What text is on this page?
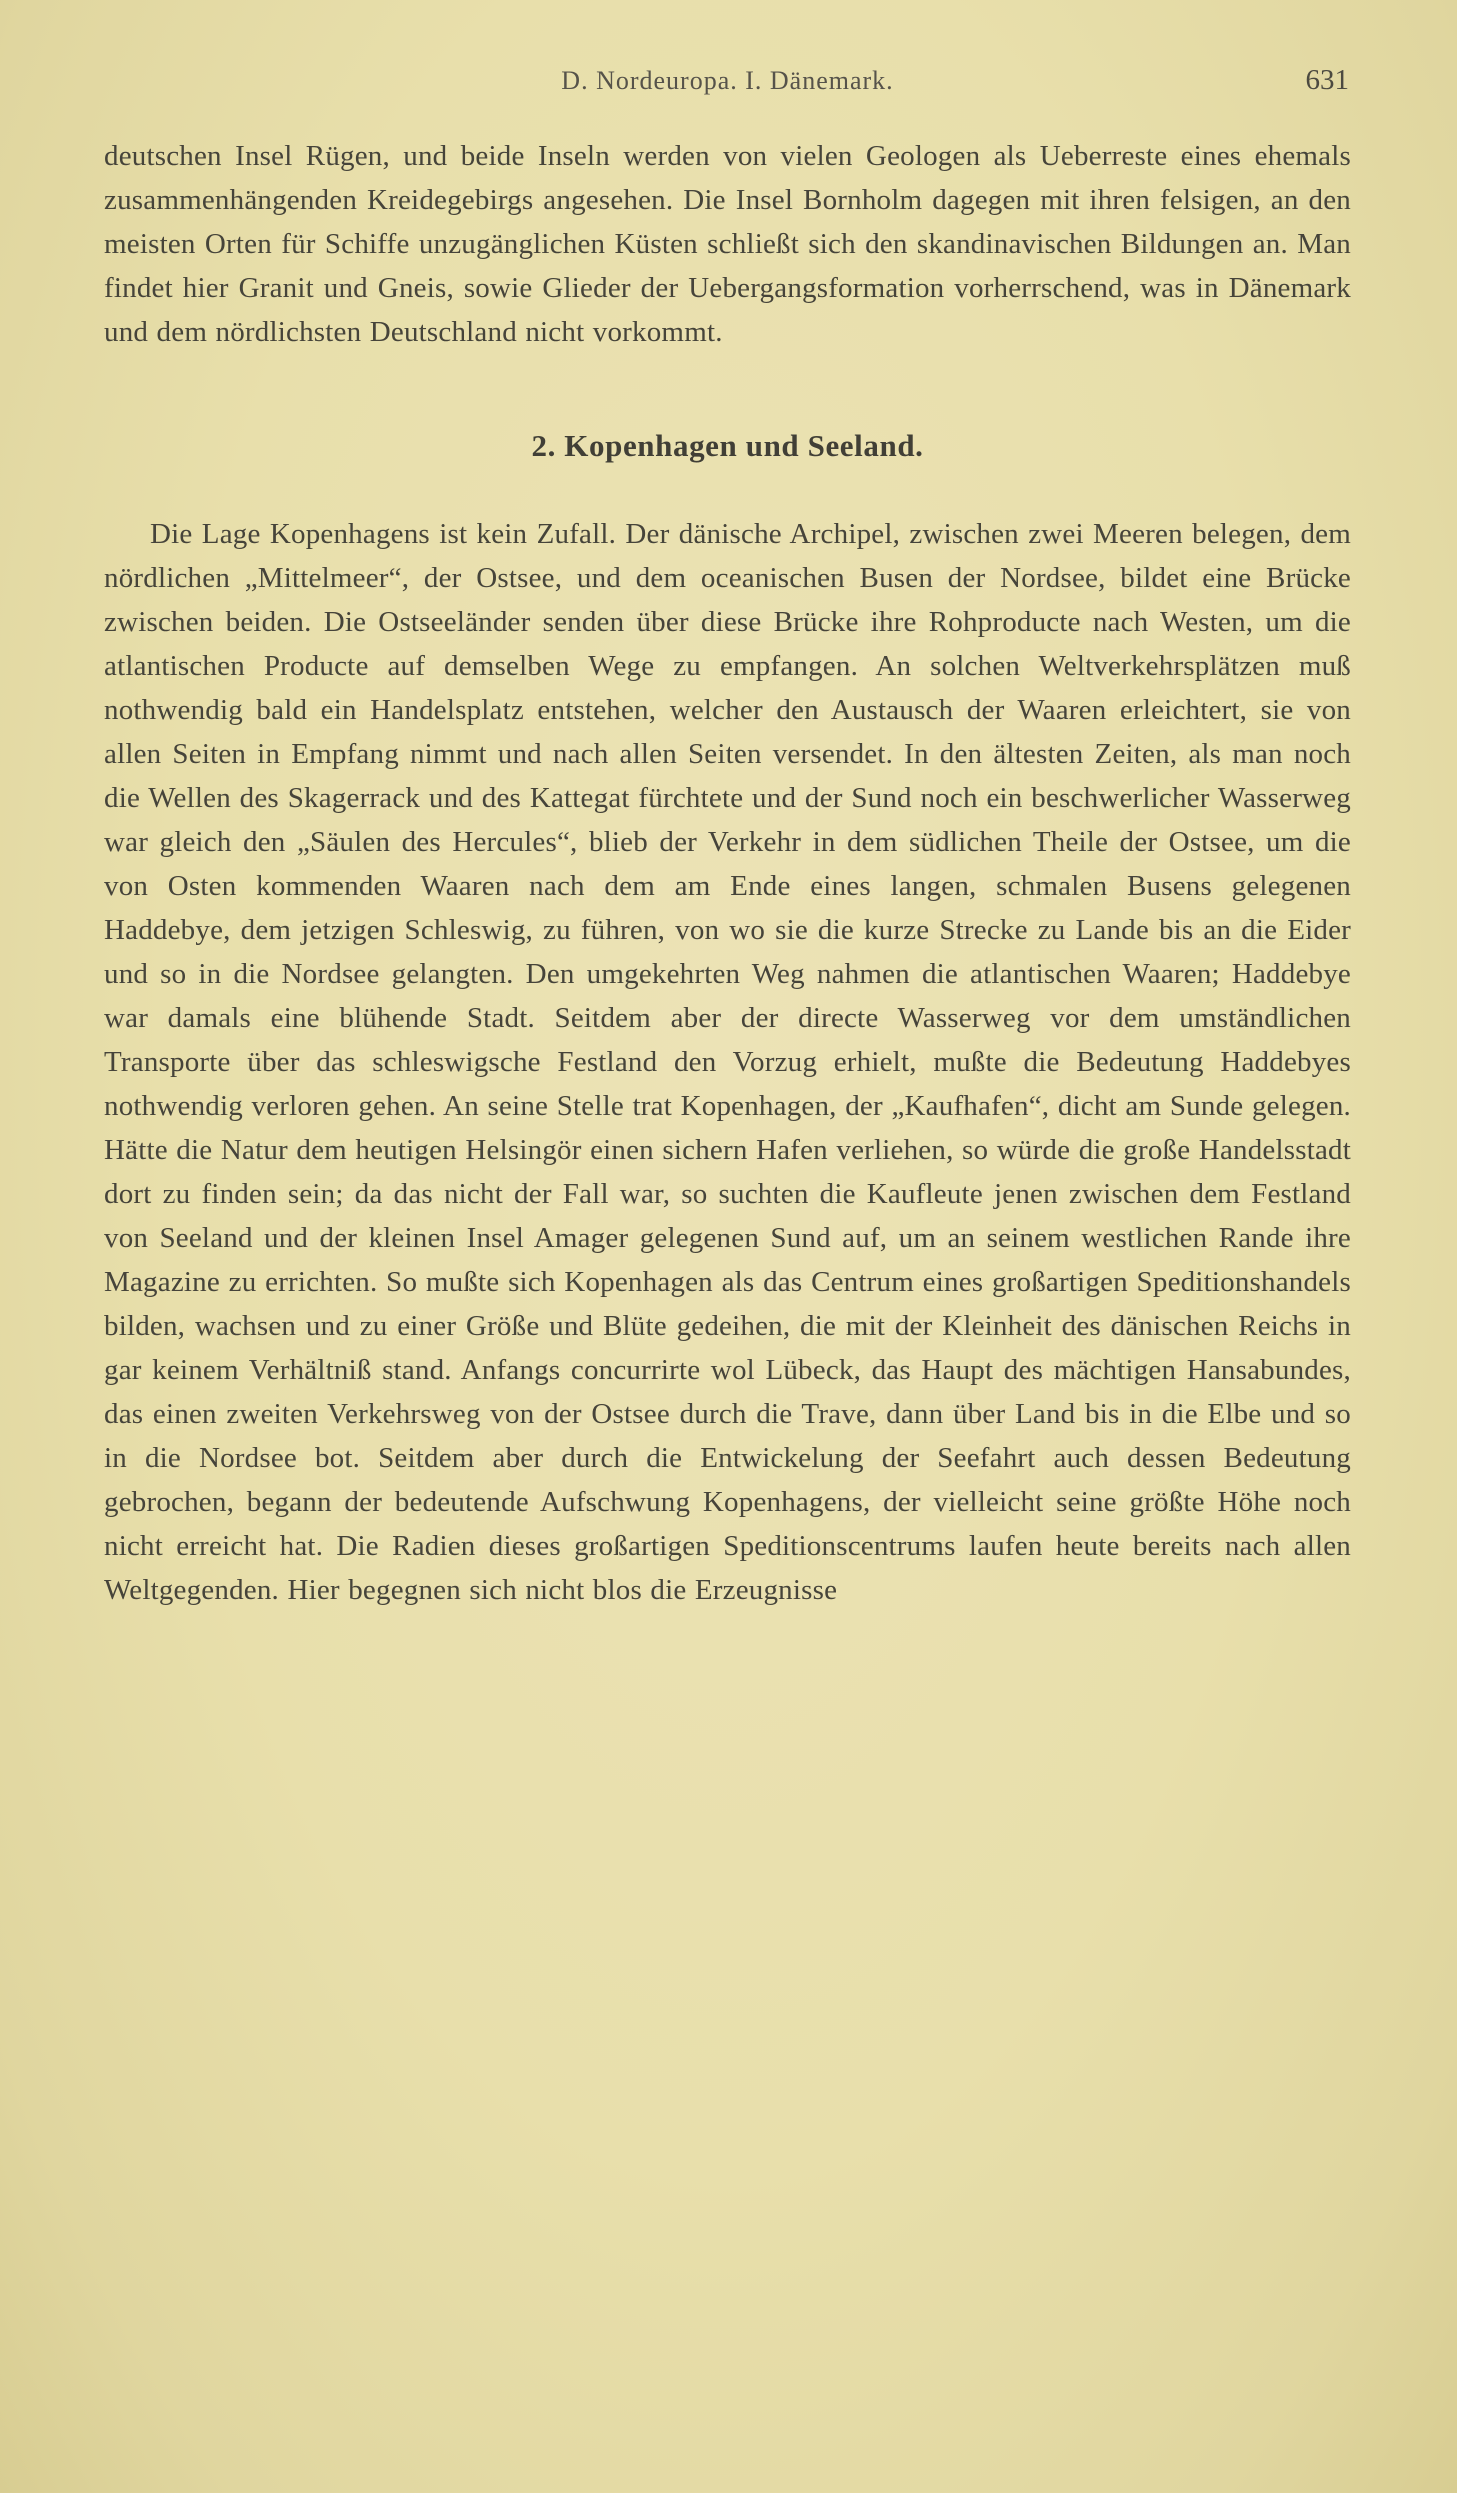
D. Nordeuropa. I. Dänemark.	631

deutschen Insel Rügen, und beide Inseln werden von vielen Geologen als Ueberreste eines ehemals zusammenhängenden Kreidegebirgs angesehen. Die Insel Bornholm dagegen mit ihren felsigen, an den meisten Orten für Schiffe unzugänglichen Küsten schließt sich den skandinavischen Bildungen an. Man findet hier Granit und Gneis, sowie Glieder der Uebergangsformation vorherrschend, was in Dänemark und dem nördlichsten Deutschland nicht vorkommt.

2. Kopenhagen und Seeland.

Die Lage Kopenhagens ist kein Zufall. Der dänische Archipel, zwischen zwei Meeren belegen, dem nördlichen „Mittelmeer“, der Ostsee, und dem oceanischen Busen der Nordsee, bildet eine Brücke zwischen beiden. Die Ostseeländer senden über diese Brücke ihre Rohproducte nach Westen, um die atlantischen Producte auf demselben Wege zu empfangen. An solchen Weltverkehrsplätzen muß nothwendig bald ein Handelsplatz entstehen, welcher den Austausch der Waaren erleichtert, sie von allen Seiten in Empfang nimmt und nach allen Seiten versendet. In den ältesten Zeiten, als man noch die Wellen des Skagerrack und des Kattegat fürchtete und der Sund noch ein beschwerlicher Wasserweg war gleich den „Säulen des Hercules“, blieb der Verkehr in dem südlichen Theile der Ostsee, um die von Osten kommenden Waaren nach dem am Ende eines langen, schmalen Busens gelegenen Haddebye, dem jetzigen Schleswig, zu führen, von wo sie die kurze Strecke zu Lande bis an die Eider und so in die Nordsee gelangten. Den umgekehrten Weg nahmen die atlantischen Waaren; Haddebye war damals eine blühende Stadt. Seitdem aber der directe Wasserweg vor dem umständlichen Transporte über das schleswigsche Festland den Vorzug erhielt, mußte die Bedeutung Haddebyes nothwendig verloren gehen. An seine Stelle trat Kopenhagen, der „Kaufhafen“, dicht am Sunde gelegen. Hätte die Natur dem heutigen Helsingör einen sichern Hafen verliehen, so würde die große Handelsstadt dort zu finden sein; da das nicht der Fall war, so suchten die Kaufleute jenen zwischen dem Festland von Seeland und der kleinen Insel Amager gelegenen Sund auf, um an seinem westlichen Rande ihre Magazine zu errichten. So mußte sich Kopenhagen als das Centrum eines großartigen Speditionshandels bilden, wachsen und zu einer Größe und Blüte gedeihen, die mit der Kleinheit des dänischen Reichs in gar keinem Verhältniß stand. Anfangs concurrirte wol Lübeck, das Haupt des mächtigen Hansabundes, das einen zweiten Verkehrsweg von der Ostsee durch die Trave, dann über Land bis in die Elbe und so in die Nordsee bot. Seitdem aber durch die Entwickelung der Seefahrt auch dessen Bedeutung gebrochen, begann der bedeutende Aufschwung Kopenhagens, der vielleicht seine größte Höhe noch nicht erreicht hat. Die Radien dieses großartigen Speditionscentrums laufen heute bereits nach allen Weltgegenden. Hier begegnen sich nicht blos die Erzeugnisse
